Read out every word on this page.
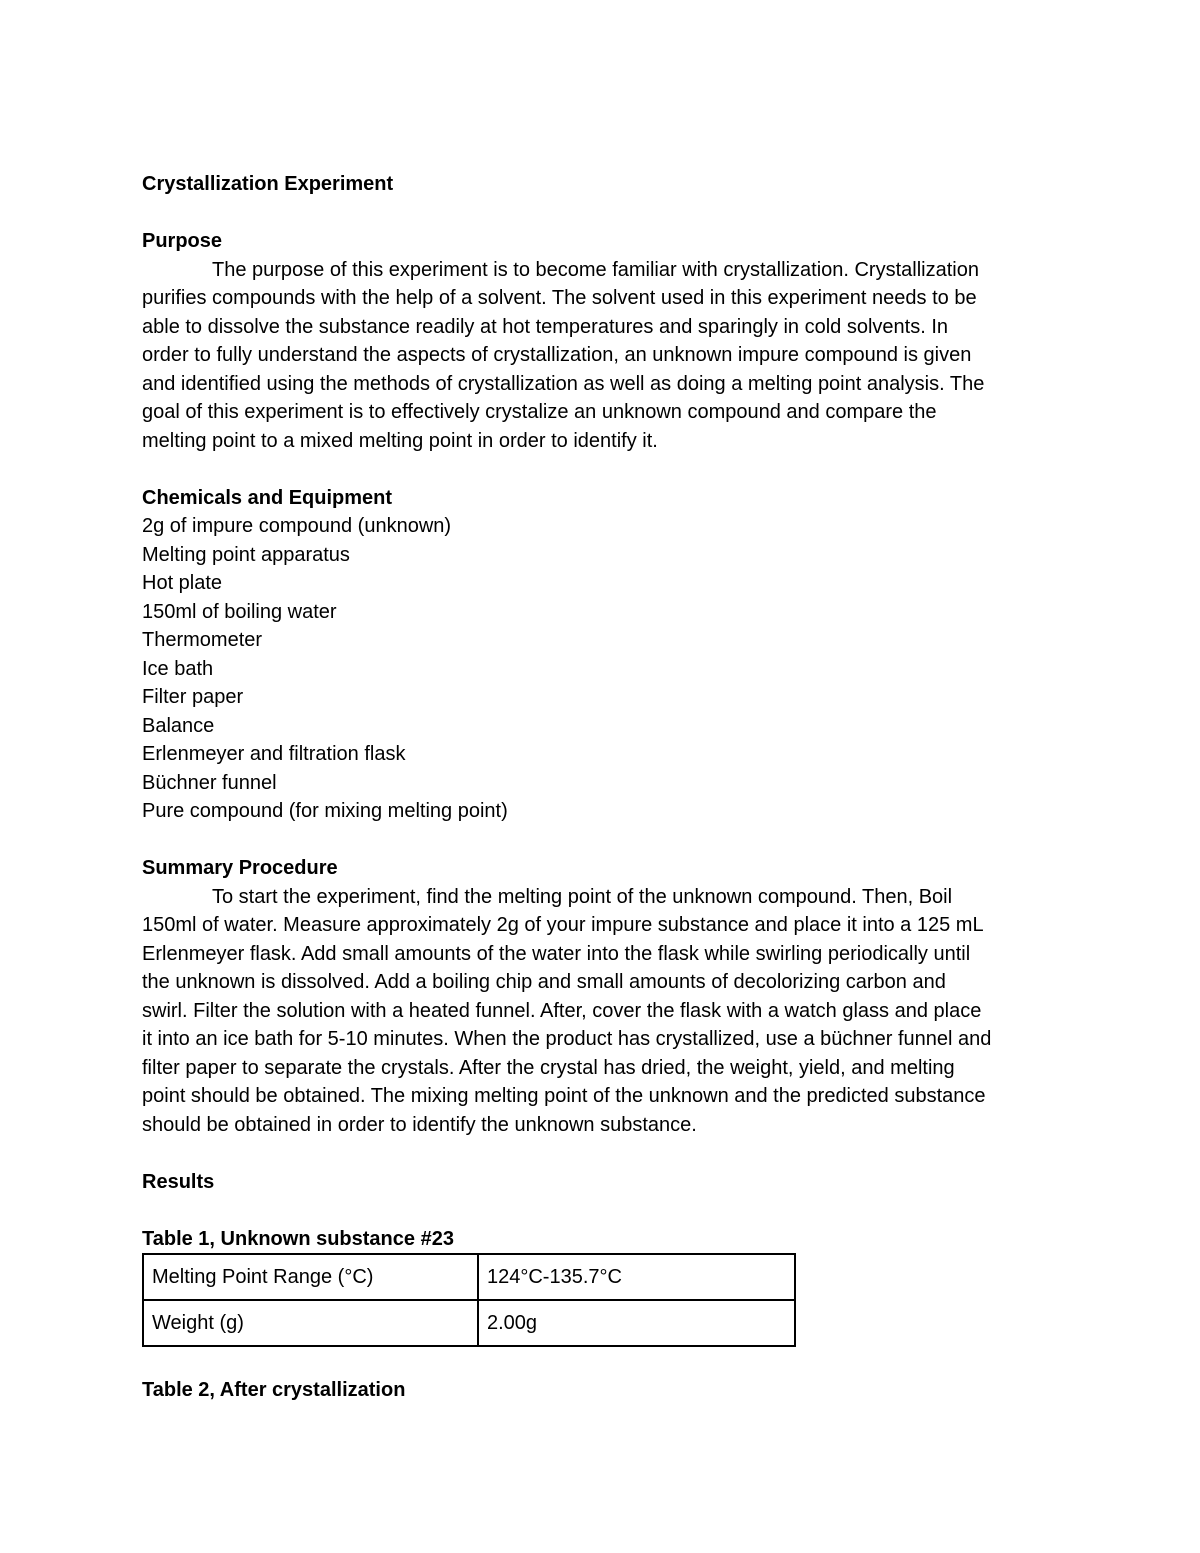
Crystallization Experiment
Purpose
The purpose of this experiment is to become familiar with crystallization. Crystallization
purifies compounds with the help of a solvent. The solvent used in this experiment needs to be
able to dissolve the substance readily at hot temperatures and sparingly in cold solvents. In
order to fully understand the aspects of crystallization, an unknown impure compound is given
and identified using the methods of crystallization as well as doing a melting point analysis. The
goal of this experiment is to effectively crystalize an unknown compound and compare the
melting point to a mixed melting point in order to identify it.
Chemicals and Equipment
2g of impure compound (unknown)
Melting point apparatus
Hot plate
150ml of boiling water
Thermometer
Ice bath
Filter paper
Balance
Erlenmeyer and filtration flask
Büchner funnel
Pure compound (for mixing melting point)
Summary Procedure
To start the experiment, find the melting point of the unknown compound. Then, Boil
150ml of water. Measure approximately 2g of your impure substance and place it into a 125 mL
Erlenmeyer flask. Add small amounts of the water into the flask while swirling periodically until
the unknown is dissolved. Add a boiling chip and small amounts of decolorizing carbon and
swirl. Filter the solution with a heated funnel. After, cover the flask with a watch glass and place
it into an ice bath for 5-10 minutes. When the product has crystallized, use a büchner funnel and
filter paper to separate the crystals. After the crystal has dried, the weight, yield, and melting
point should be obtained. The mixing melting point of the unknown and the predicted substance
should be obtained in order to identify the unknown substance.
Results
Table 1, Unknown substance #23
Melting Point Range (°C)	124°C-135.7°C
Weight (g)	2.00g
Table 2, After crystallization
